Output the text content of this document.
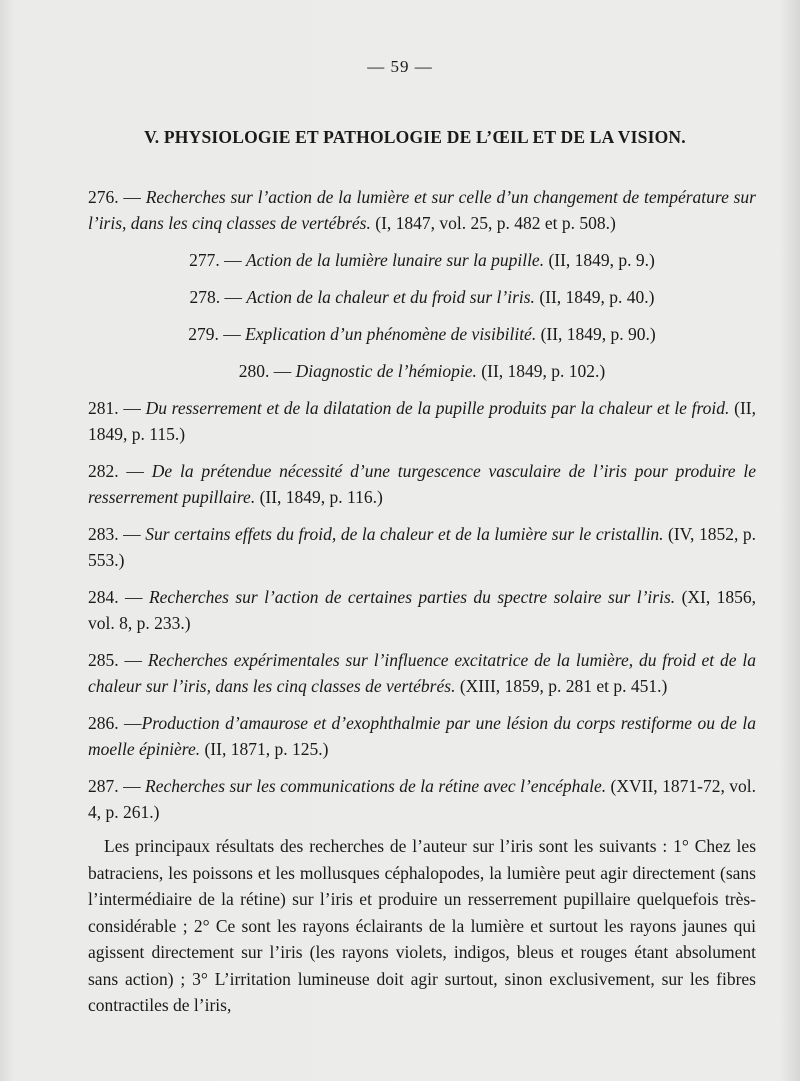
— 59 —
V. PHYSIOLOGIE ET PATHOLOGIE DE L’ŒIL ET DE LA VISION.
276. — Recherches sur l’action de la lumière et sur celle d’un changement de température sur l’iris, dans les cinq classes de vertébrés. (I, 1847, vol. 25, p. 482 et p. 508.)
277. — Action de la lumière lunaire sur la pupille. (II, 1849, p. 9.)
278. — Action de la chaleur et du froid sur l’iris. (II, 1849, p. 40.)
279. — Explication d’un phénomène de visibilité. (II, 1849, p. 90.)
280. — Diagnostic de l’hémiopie. (II, 1849, p. 102.)
281. — Du resserrement et de la dilatation de la pupille produits par la chaleur et le froid. (II, 1849, p. 115.)
282. — De la prétendue nécessité d’une turgescence vasculaire de l’iris pour produire le resserrement pupillaire. (II, 1849, p. 116.)
283. — Sur certains effets du froid, de la chaleur et de la lumière sur le cristallin. (IV, 1852, p. 553.)
284. — Recherches sur l’action de certaines parties du spectre solaire sur l’iris. (XI, 1856, vol. 8, p. 233.)
285. — Recherches expérimentales sur l’influence excitatrice de la lumière, du froid et de la chaleur sur l’iris, dans les cinq classes de vertébrés. (XIII, 1859, p. 281 et p. 451.)
286. —Production d’amaurose et d’exophthalmie par une lésion du corps restiforme ou de la moelle épinière. (II, 1871, p. 125.)
287. — Recherches sur les communications de la rétine avec l’encéphale. (XVII, 1871-72, vol. 4, p. 261.)
Les principaux résultats des recherches de l’auteur sur l’iris sont les suivants : 1° Chez les batraciens, les poissons et les mollusques céphalopodes, la lumière peut agir directement (sans l’intermédiaire de la rétine) sur l’iris et produire un resserrement pupillaire quelquefois très-considérable ; 2° Ce sont les rayons éclairants de la lumière et surtout les rayons jaunes qui agissent directement sur l’iris (les rayons violets, indigos, bleus et rouges étant absolument sans action) ; 3° L’irritation lumineuse doit agir surtout, sinon exclusivement, sur les fibres contractiles de l’iris,
